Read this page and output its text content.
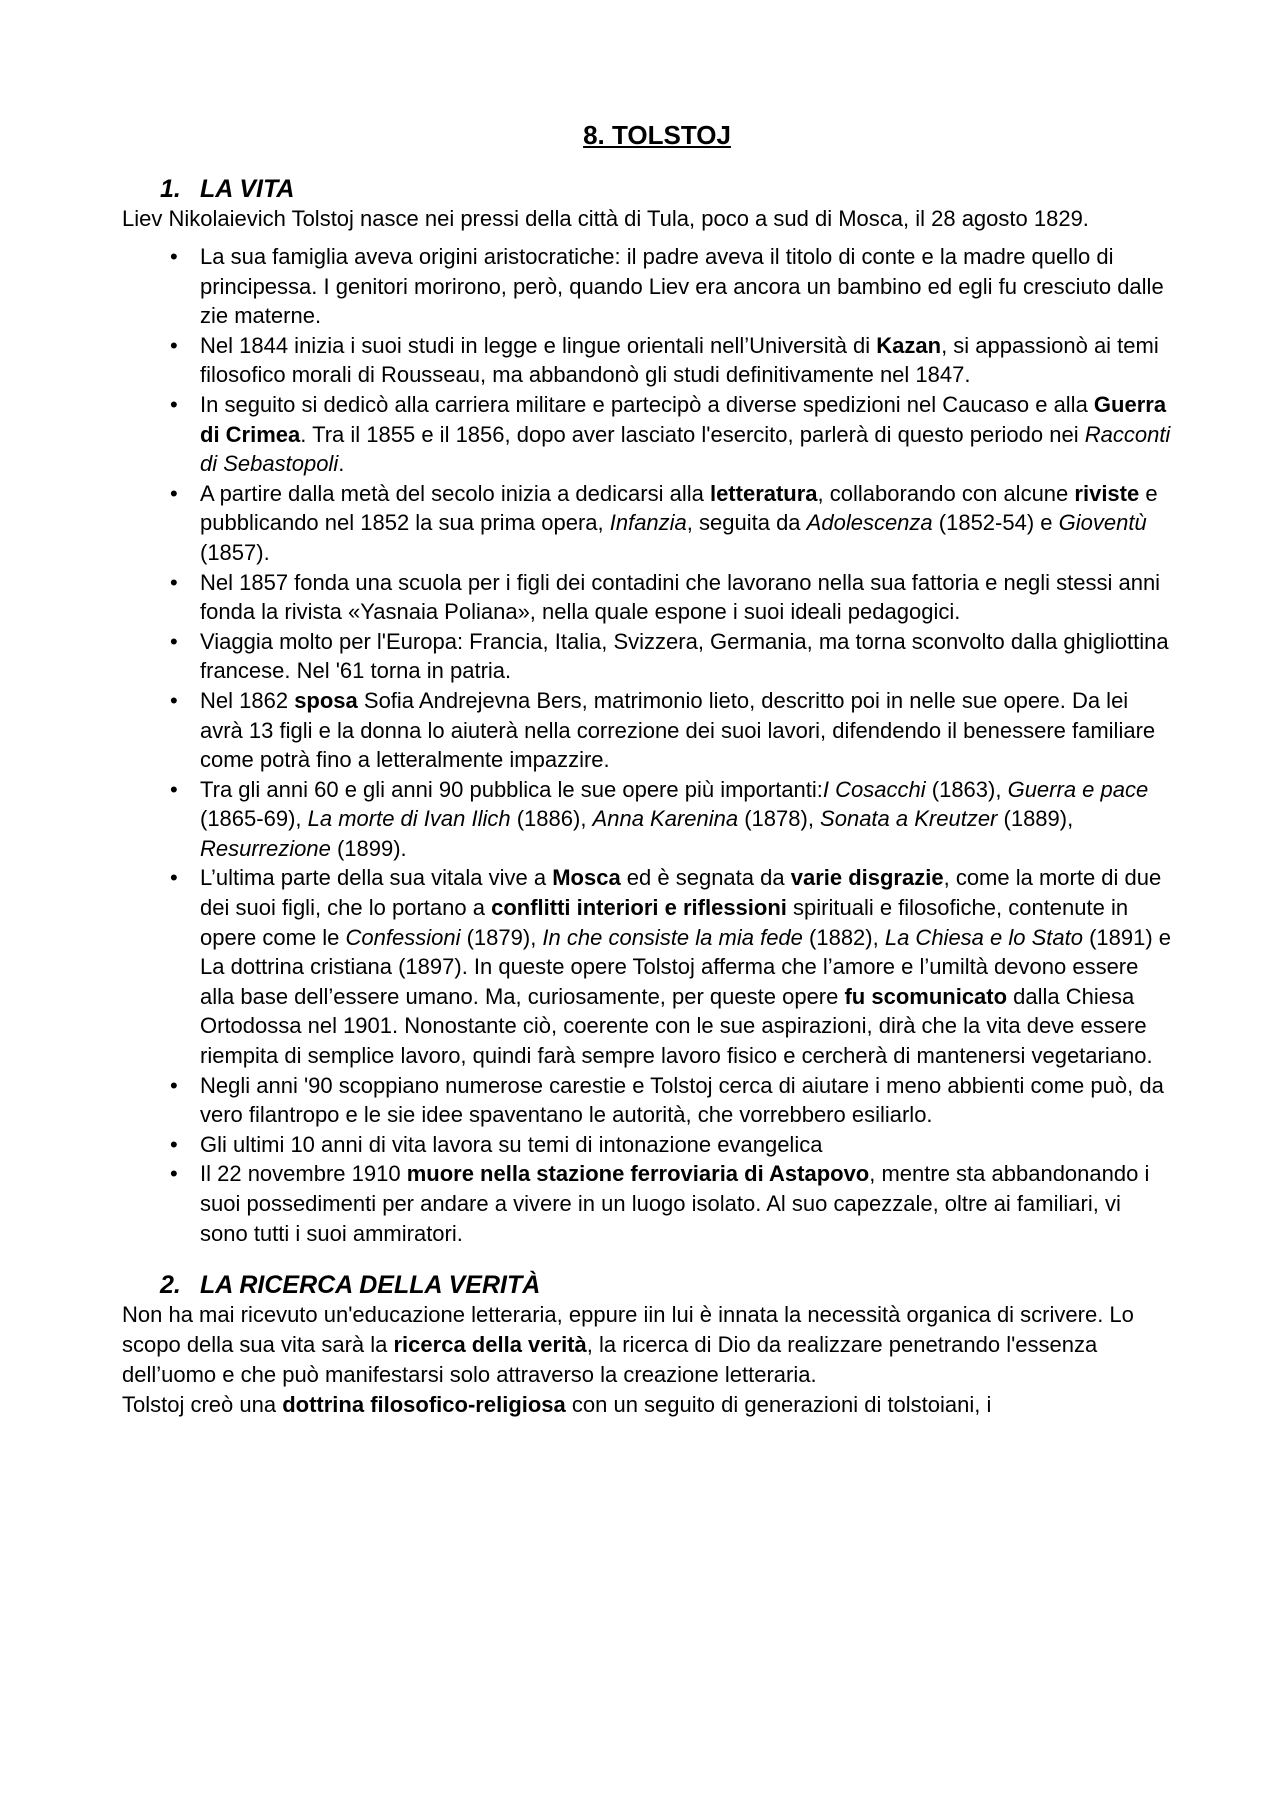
8. TOLSTOJ
1. LA VITA

Liev Nikolaievich Tolstoj nasce nei pressi della città di Tula, poco a sud di Mosca, il 28 agosto 1829.

• La sua famiglia aveva origini aristocratiche: il padre aveva il titolo di conte e la madre quello di principessa. I genitori morirono, però, quando Liev era ancora un bambino ed egli fu cresciuto dalle zie materne.
• Nel 1844 inizia i suoi studi in legge e lingue orientali nell’Università di Kazan, si appassionò ai temi filosofico morali di Rousseau, ma abbandonò gli studi definitivamente nel 1847.
• In seguito si dedicò alla carriera militare e partecipò a diverse spedizioni nel Caucaso e alla Guerra di Crimea. Tra il 1855 e il 1856, dopo aver lasciato l'esercito, parlerà di questo periodo nei Racconti di Sebastopoli.
• A partire dalla metà del secolo inizia a dedicarsi alla letteratura, collaborando con alcune riviste e pubblicando nel 1852 la sua prima opera, Infanzia, seguita da Adolescenza (1852-54) e Gioventù (1857).
• Nel 1857 fonda una scuola per i figli dei contadini che lavorano nella sua fattoria e negli stessi anni fonda la rivista «Yasnaia Poliana», nella quale espone i suoi ideali pedagogici.
• Viaggia molto per l'Europa: Francia, Italia, Svizzera, Germania, ma torna sconvolto dalla ghigliottina francese. Nel '61 torna in patria.
• Nel 1862 sposa Sofia Andrejevna Bers, matrimonio lieto, descritto poi in nelle sue opere. Da lei avrà 13 figli e la donna lo aiuterà nella correzione dei suoi lavori, difendendo il benessere familiare come potrà fino a letteralmente impazzire.
• Tra gli anni 60 e gli anni 90 pubblica le sue opere più importanti:I Cosacchi (1863), Guerra e pace (1865-69), La morte di Ivan Ilich (1886), Anna Karenina (1878), Sonata a Kreutzer (1889), Resurrezione (1899).
• L’ultima parte della sua vitala vive a Mosca ed è segnata da varie disgrazie, come la morte di due dei suoi figli, che lo portano a conflitti interiori e riflessioni spirituali e filosofiche, contenute in opere come le Confessioni (1879), In che consiste la mia fede (1882), La Chiesa e lo Stato (1891) e La dottrina cristiana (1897). In queste opere Tolstoj afferma che l’amore e l’umiltà devono essere alla base dell’essere umano. Ma, curiosamente, per queste opere fu scomunicato dalla Chiesa Ortodossa nel 1901. Nonostante ciò, coerente con le sue aspirazioni, dirà che la vita deve essere riempita di semplice lavoro, quindi farà sempre lavoro fisico e cercherà di mantenersi vegetariano.
• Negli anni '90 scoppiano numerose carestie e Tolstoj cerca di aiutare i meno abbienti come può, da vero filantropo e le sie idee spaventano le autorità, che vorrebbero esiliarlo.
• Gli ultimi 10 anni di vita lavora su temi di intonazione evangelica
• Il 22 novembre 1910 muore nella stazione ferroviaria di Astapovo, mentre sta abbandonando i suoi possedimenti per andare a vivere in un luogo isolato. Al suo capezzale, oltre ai familiari, vi sono tutti i suoi ammiratori.
2. LA RICERCA DELLA VERITÀ

Non ha mai ricevuto un'educazione letteraria, eppure iin lui è innata la necessità organica di scrivere. Lo scopo della sua vita sarà la ricerca della verità, la ricerca di Dio da realizzare penetrando l'essenza dell’uomo e che può manifestarsi solo attraverso la creazione letteraria.

Tolstoj creò una dottrina filosofico-religiosa con un seguito di generazioni di tolstoiani, i
